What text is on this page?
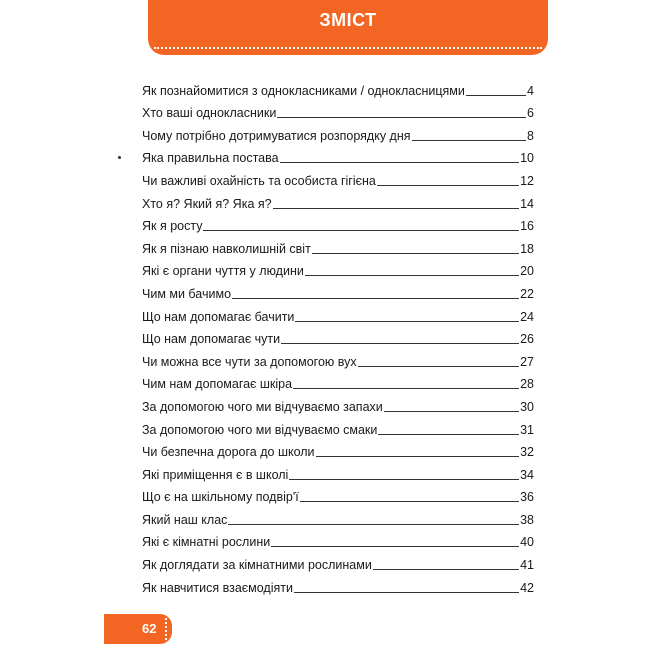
ЗМІСТ
Як познайомитися з однокласниками / однокласницями	4
Хто ваші однокласники	6
Чому потрібно дотримуватися розпорядку дня	8
Яка правильна постава	10
Чи важливі охайність та особиста гігієна	12
Хто я? Який я? Яка я?	14
Як я росту	16
Як я пізнаю навколишній світ	18
Які є органи чуття у людини	20
Чим ми бачимо	22
Що нам допомагає бачити	24
Що нам допомагає чути	26
Чи можна все чути за допомогою вух	27
Чим нам допомагає шкіра	28
За допомогою чого ми відчуваємо запахи	30
За допомогою чого ми відчуваємо смаки	31
Чи безпечна дорога до школи	32
Які приміщення є в школі	34
Що є на шкільному подвір'ї	36
Який наш клас	38
Які є кімнатні рослини	40
Як доглядати за кімнатними рослинами	41
Як навчитися взаємодіяти	42
62
